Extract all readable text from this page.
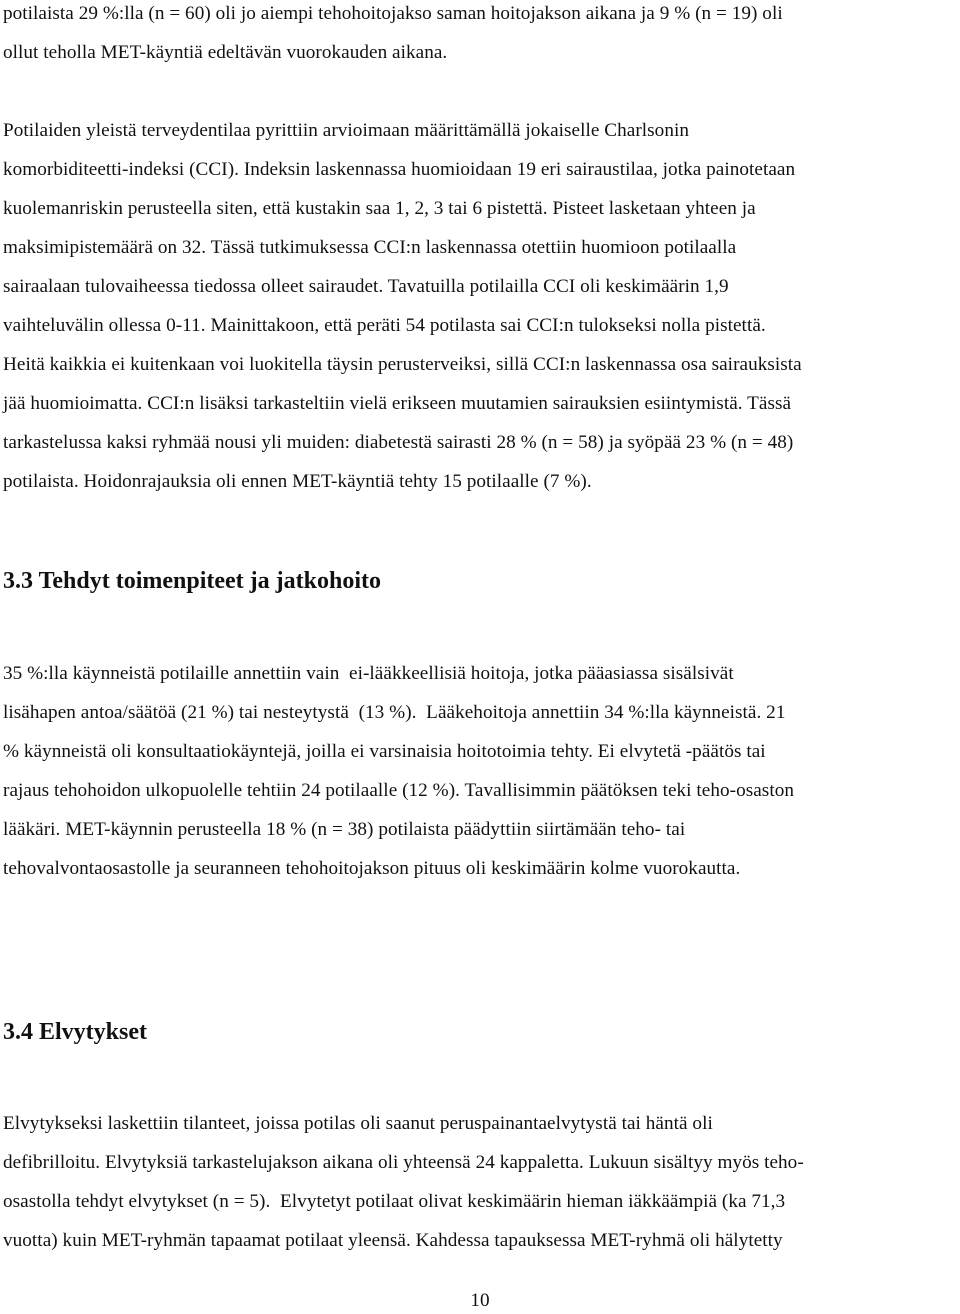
potilaista 29 %:lla (n = 60) oli jo aiempi tehohoitojakso saman hoitojakson aikana ja 9 % (n = 19) oli
ollut teholla MET-käyntiä edeltävän vuorokauden aikana.
Potilaiden yleistä terveydentilaa pyrittiin arvioimaan määrittämällä jokaiselle Charlsonin
komorbiditeetti-indeksi (CCI). Indeksin laskennassa huomioidaan 19 eri sairaustilaa, jotka painotetaan
kuolemanriskin perusteella siten, että kustakin saa 1, 2, 3 tai 6 pistettä. Pisteet lasketaan yhteen ja
maksimipistemäärä on 32. Tässä tutkimuksessa CCI:n laskennassa otettiin huomioon potilaalla
sairaalaan tulovaiheessa tiedossa olleet sairaudet. Tavatuilla potilailla CCI oli keskimäärin 1,9
vaihteluvälin ollessa 0-11. Mainittakoon, että peräti 54 potilasta sai CCI:n tulokseksi nolla pistettä.
Heitä kaikkia ei kuitenkaan voi luokitella täysin perusterveiksi, sillä CCI:n laskennassa osa sairauksista
jää huomioimatta. CCI:n lisäksi tarkasteltiin vielä erikseen muutamien sairauksien esiintymistä. Tässä
tarkastelussa kaksi ryhmää nousi yli muiden: diabetestä sairasti 28 % (n = 58) ja syöpää 23 % (n = 48)
potilaista. Hoidonrajauksia oli ennen MET-käyntiä tehty 15 potilaalle (7 %).
3.3 Tehdyt toimenpiteet ja jatkohoito
35 %:lla käynneistä potilaille annettiin vain  ei-lääkkeellisiä hoitoja, jotka pääasiassa sisälsivät
lisähapen antoa/säätöä (21 %) tai nesteytystä  (13 %).  Lääkehoitoja annettiin 34 %:lla käynneistä. 21
% käynneistä oli konsultaatiokäyntejä, joilla ei varsinaisia hoitotoimia tehty. Ei elvytetä -päätös tai
rajaus tehohoidon ulkopuolelle tehtiin 24 potilaalle (12 %). Tavallisimmin päätöksen teki teho-osaston
lääkäri. MET-käynnin perusteella 18 % (n = 38) potilaista päädyttiin siirtämään teho- tai
tehovalvontaosastolle ja seuranneen tehohoitojakson pituus oli keskimäärin kolme vuorokautta.
3.4 Elvytykset
Elvytykseksi laskettiin tilanteet, joissa potilas oli saanut peruspainantaelvytystä tai häntä oli
defibrilloitu. Elvytyksiä tarkastelujakson aikana oli yhteensä 24 kappaletta. Lukuun sisältyy myös teho-
osastolla tehdyt elvytykset (n = 5).  Elvytetyt potilaat olivat keskimäärin hieman iäkkäämpiä (ka 71,3
vuotta) kuin MET-ryhmän tapaamat potilaat yleensä. Kahdessa tapauksessa MET-ryhmä oli hälytetty
10
